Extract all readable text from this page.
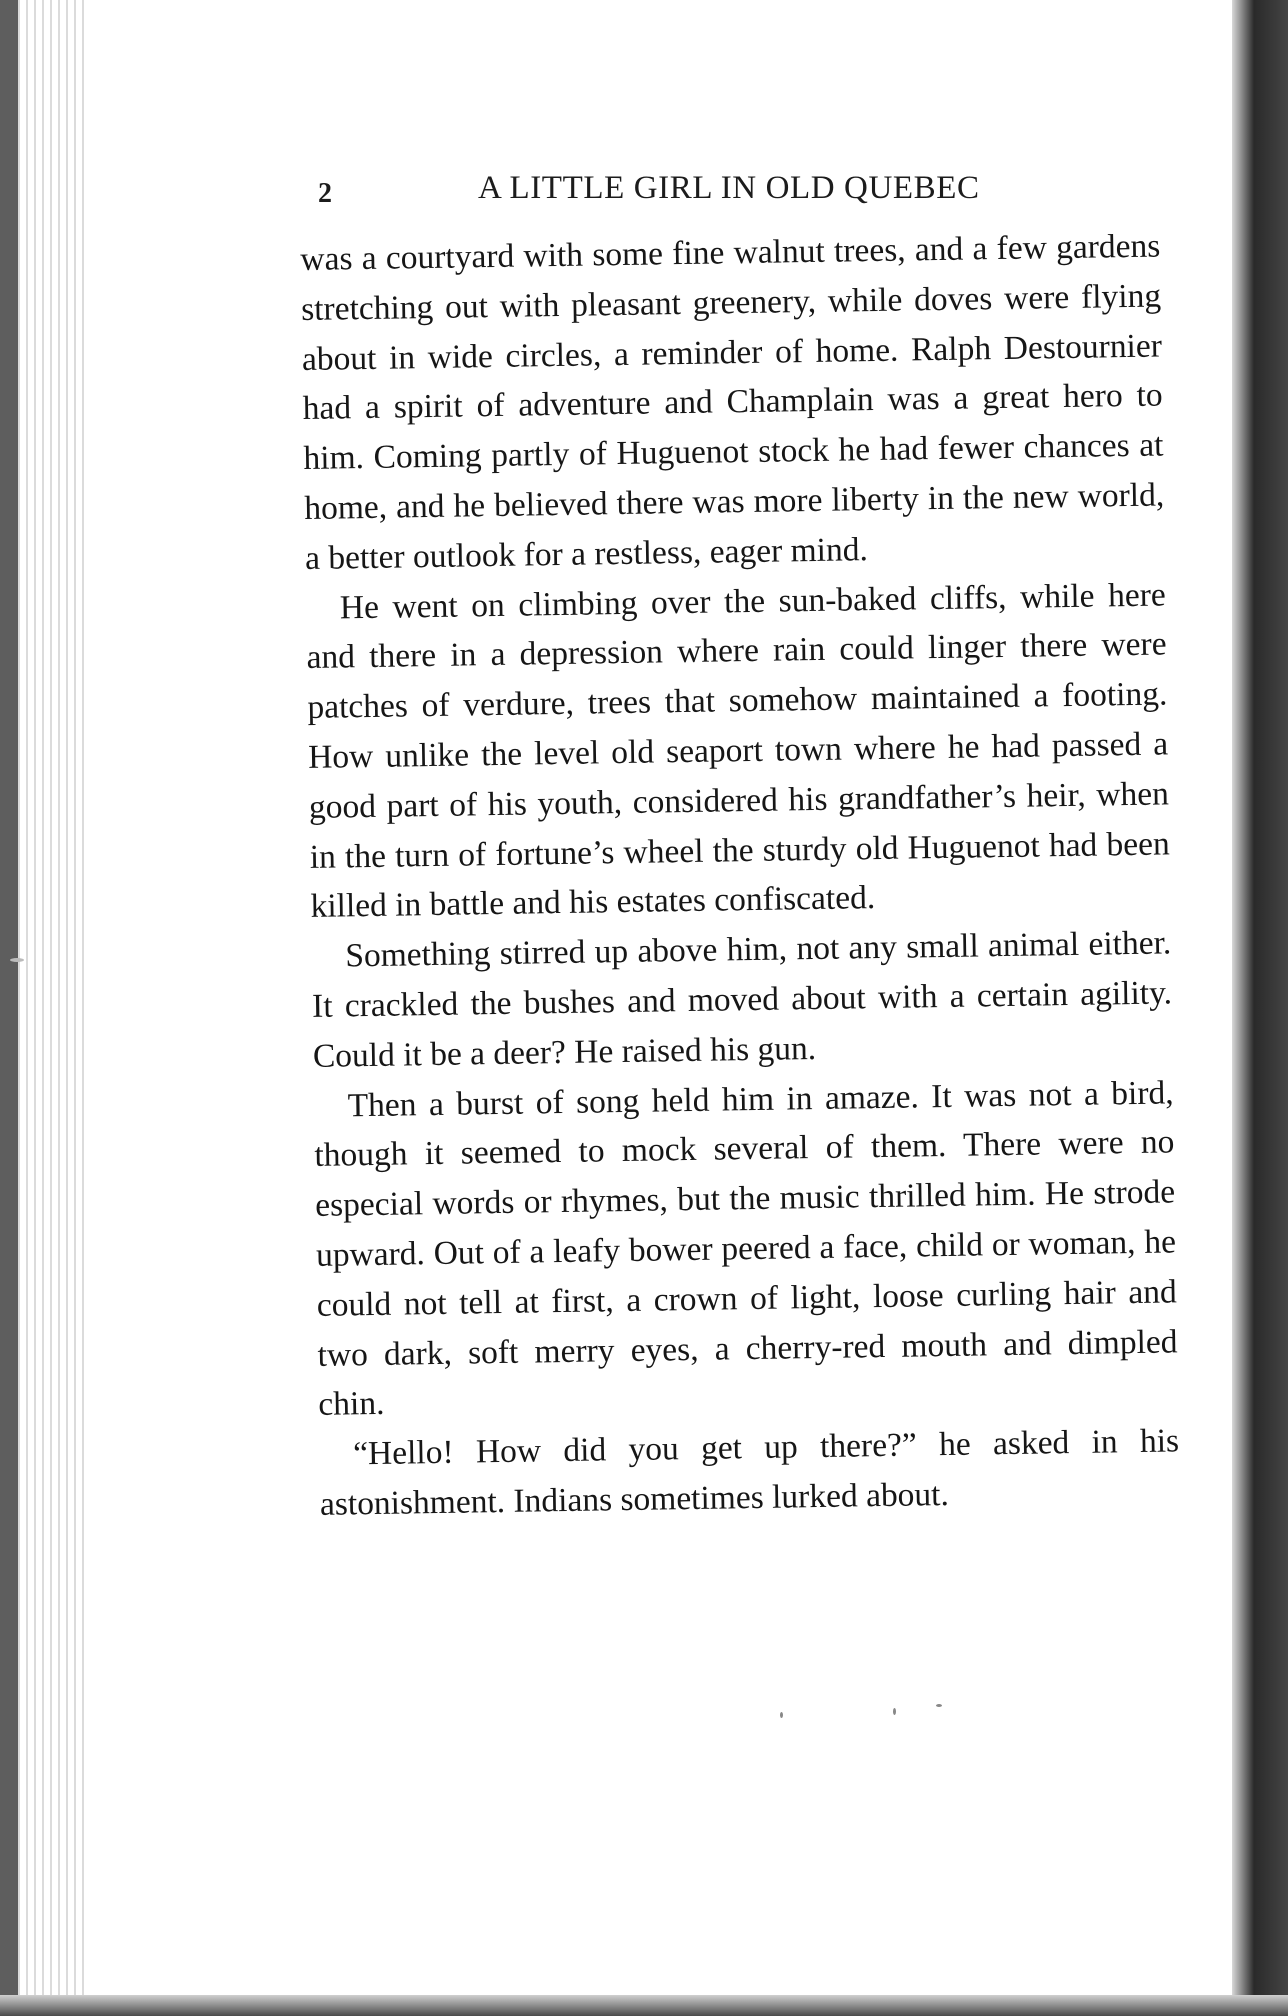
2	A LITTLE GIRL IN OLD QUEBEC

was a courtyard with some fine walnut trees, and a few gardens stretching out with pleasant greenery, while doves were flying about in wide circles, a reminder of home. Ralph Destournier had a spirit of adventure and Champlain was a great hero to him. Coming partly of Huguenot stock he had fewer chances at home, and he believed there was more liberty in the new world, a better outlook for a restless, eager mind.

He went on climbing over the sun-baked cliffs, while here and there in a depression where rain could linger there were patches of verdure, trees that somehow maintained a footing. How unlike the level old seaport town where he had passed a good part of his youth, considered his grandfather’s heir, when in the turn of fortune’s wheel the sturdy old Huguenot had been killed in battle and his estates confiscated.

Something stirred up above him, not any small animal either. It crackled the bushes and moved about with a certain agility. Could it be a deer? He raised his gun.

Then a burst of song held him in amaze. It was not a bird, though it seemed to mock several of them. There were no especial words or rhymes, but the music thrilled him. He strode upward. Out of a leafy bower peered a face, child or woman, he could not tell at first, a crown of light, loose curling hair and two dark, soft merry eyes, a cherry-red mouth and dimpled chin.

“Hello! How did you get up there?” he asked in his astonishment. Indians sometimes lurked about.
